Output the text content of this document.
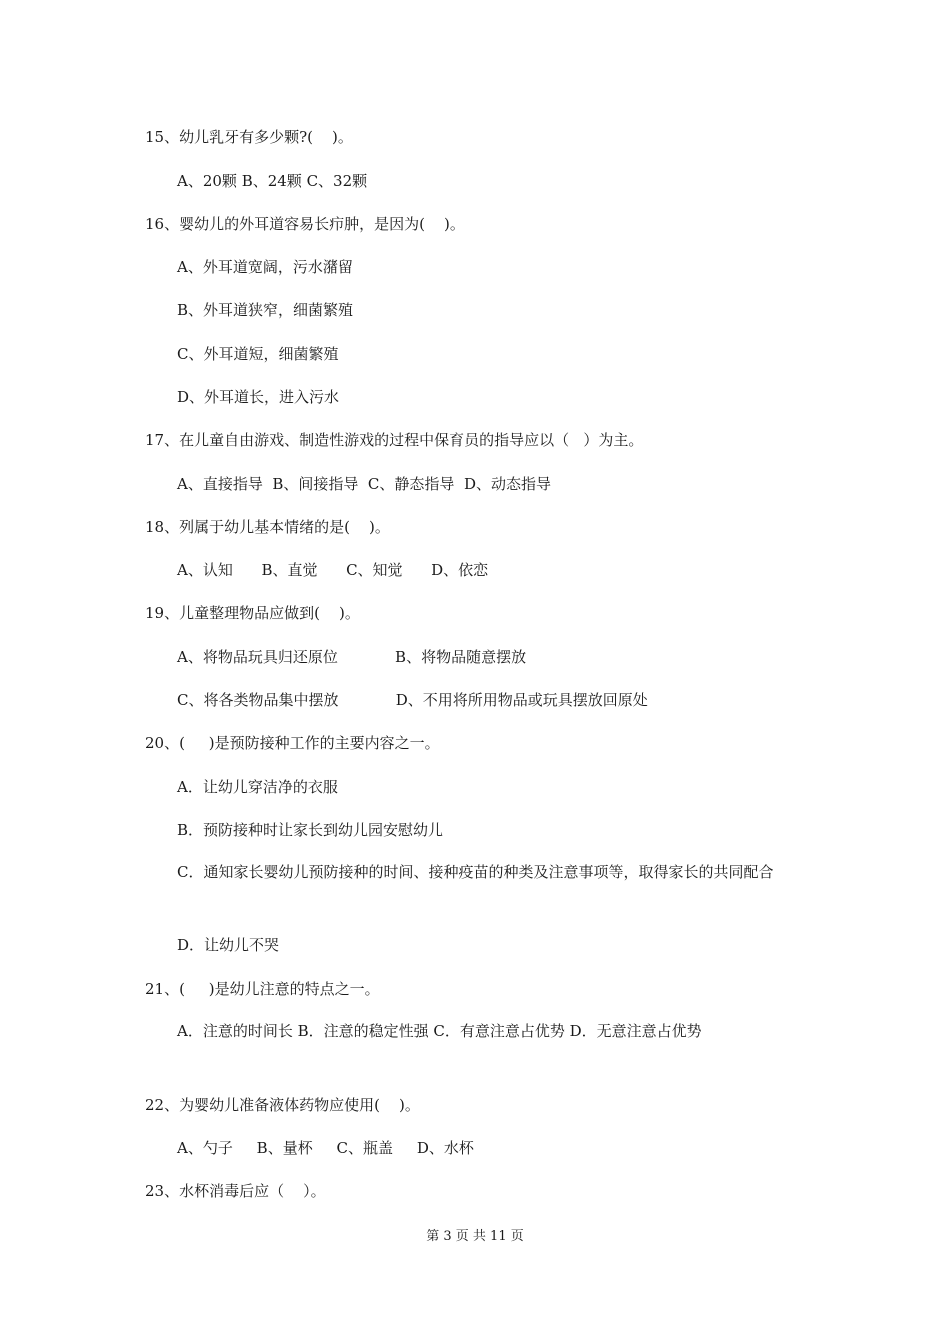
15、幼儿乳牙有多少颗?(    )。
A、20颗 B、24颗 C、32颗
16、婴幼儿的外耳道容易长疖肿，是因为(    )。
A、外耳道宽阔，污水潴留
B、外耳道狭窄，细菌繁殖
C、外耳道短，细菌繁殖
D、外耳道长，进入污水
17、在儿童自由游戏、制造性游戏的过程中保育员的指导应以（   ）为主。
A、直接指导  B、间接指导  C、静态指导  D、动态指导
18、列属于幼儿基本情绪的是(    )。
A、认知      B、直觉      C、知觉      D、依恋
19、儿童整理物品应做到(    )。
A、将物品玩具归还原位            B、将物品随意摆放
C、将各类物品集中摆放            D、不用将所用物品或玩具摆放回原处
20、(     )是预防接种工作的主要内容之一。
A．让幼儿穿洁净的衣服
B．预防接种时让家长到幼儿园安慰幼儿
C．通知家长婴幼儿预防接种的时间、接种疫苗的种类及注意事项等，取得家长的共同配合
D．让幼儿不哭
21、(     )是幼儿注意的特点之一。
A．注意的时间长 B．注意的稳定性强 C．有意注意占优势 D．无意注意占优势
22、为婴幼儿准备液体药物应使用(    )。
A、勺子     B、量杯     C、瓶盖     D、水杯
23、水杯消毒后应（    ）。
第 3 页 共 11 页
